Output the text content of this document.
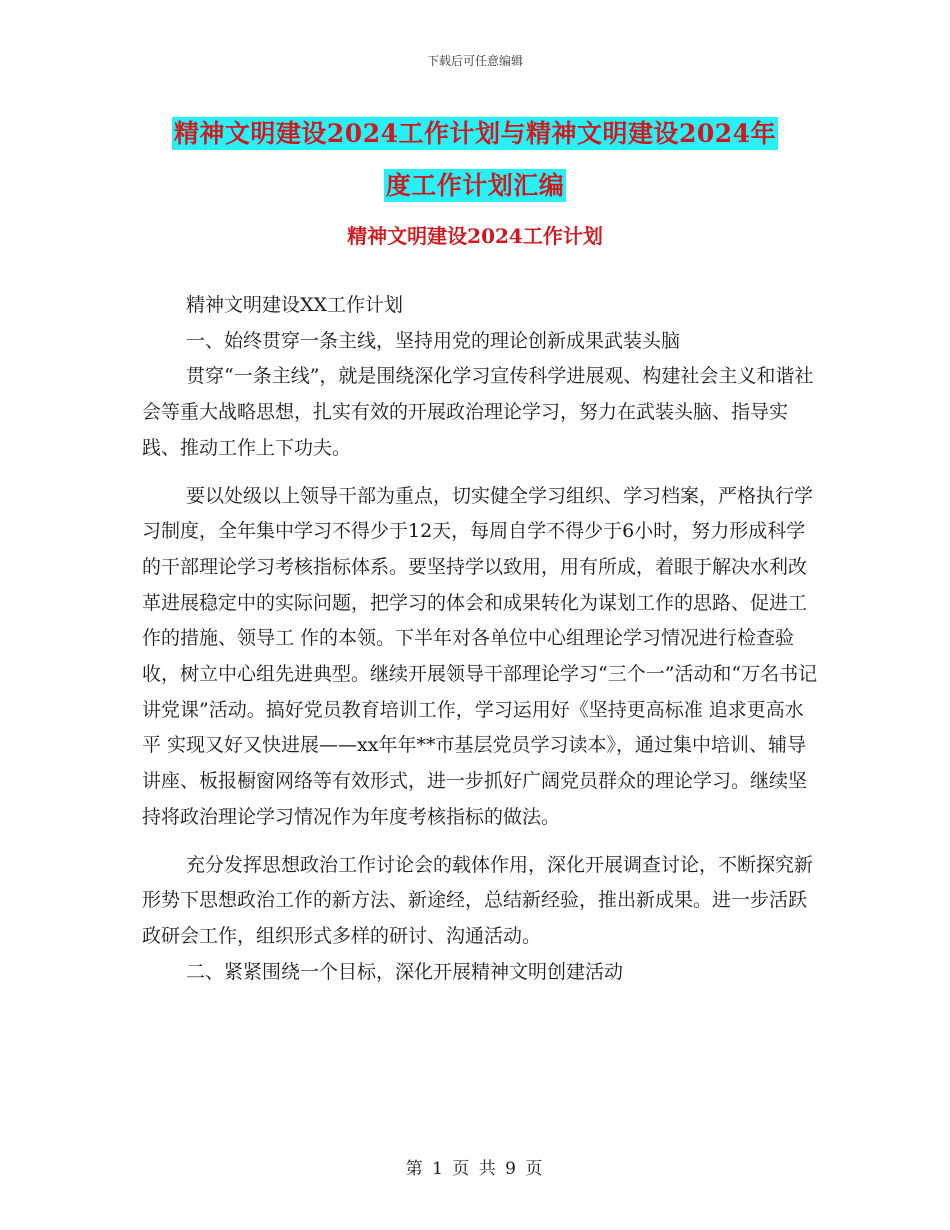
下载后可任意编辑
精神文明建设2024工作计划与精神文明建设2024年
度工作计划汇编
精神文明建设2024工作计划

精神文明建设XX工作计划

一、始终贯穿一条主线，坚持用党的理论创新成果武装头脑

贯穿“一条主线”，就是围绕深化学习宣传科学进展观、构建社会主义和谐社会等重大战略思想，扎实有效的开展政治理论学习，努力在武装头脑、指导实践、推动工作上下功夫。

要以处级以上领导干部为重点，切实健全学习组织、学习档案，严格执行学习制度，全年集中学习不得少于12天，每周自学不得少于6小时，努力形成科学的干部理论学习考核指标体系。要坚持学以致用，用有所成，着眼于解决水利改革进展稳定中的实际问题，把学习的体会和成果转化为谋划工作的思路、促进工作的措施、领导工 作的本领。下半年对各单位中心组理论学习情况进行检查验收，树立中心组先进典型。继续开展领导干部理论学习“三个一”活动和“万名书记讲党课”活动。搞好党员教育培训工作，学习运用好《坚持更高标准 追求更高水平 实现又好又快进展——xx年年**市基层党员学习读本》，通过集中培训、辅导讲座、板报橱窗网络等有效形式，进一步抓好广阔党员群众的理论学习。继续坚持将政治理论学习情况作为年度考核指标的做法。

充分发挥思想政治工作讨论会的载体作用，深化开展调查讨论，不断探究新形势下思想政治工作的新方法、新途经，总结新经验，推出新成果。进一步活跃政研会工作，组织形式多样的研讨、沟通活动。

二、紧紧围绕一个目标，深化开展精神文明创建活动

第 1 页 共 9 页
